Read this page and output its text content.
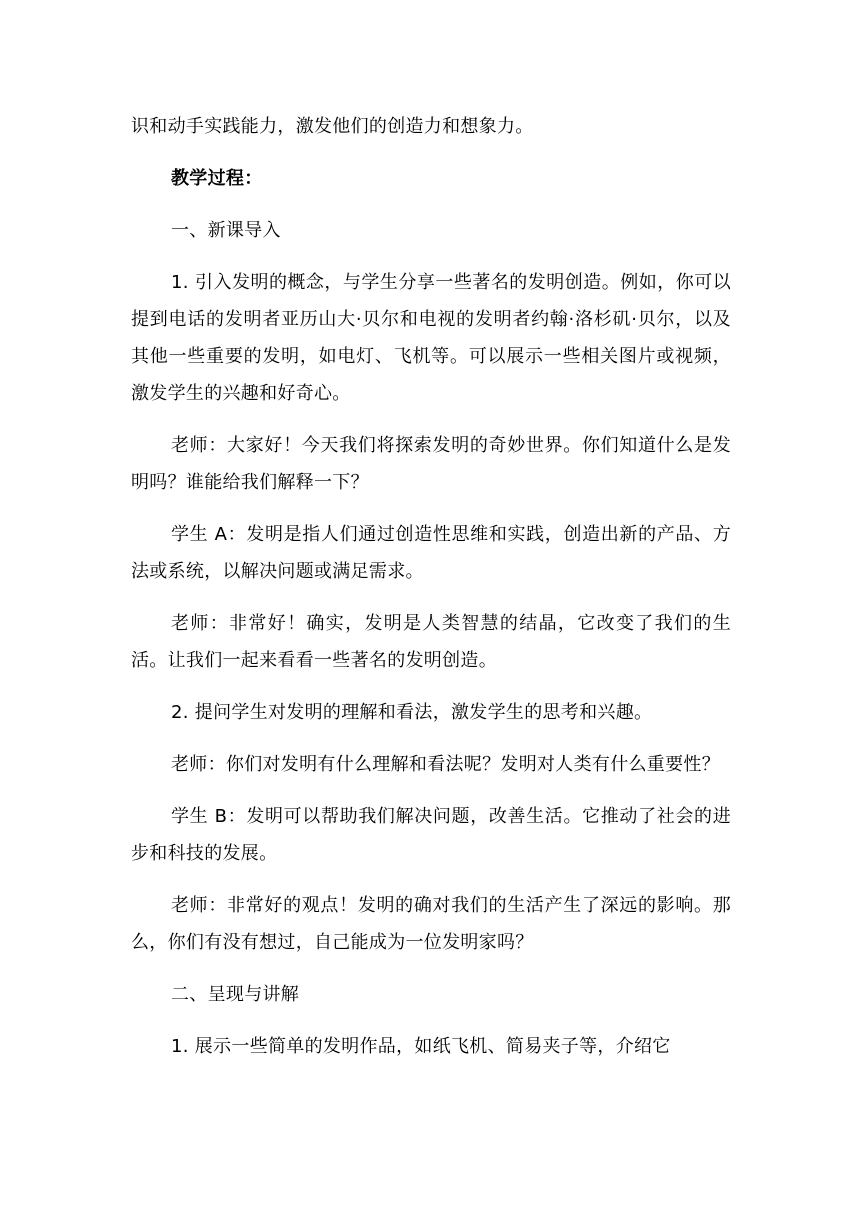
识和动手实践能力，激发他们的创造力和想象力。

教学过程：

一、新课导入

1. 引入发明的概念，与学生分享一些著名的发明创造。例如，你可以提到电话的发明者亚历山大·贝尔和电视的发明者约翰·洛杉矶·贝尔，以及其他一些重要的发明，如电灯、飞机等。可以展示一些相关图片或视频，激发学生的兴趣和好奇心。

老师：大家好！今天我们将探索发明的奇妙世界。你们知道什么是发明吗？谁能给我们解释一下？

学生 A：发明是指人们通过创造性思维和实践，创造出新的产品、方法或系统，以解决问题或满足需求。

老师：非常好！确实，发明是人类智慧的结晶，它改变了我们的生活。让我们一起来看看一些著名的发明创造。

2. 提问学生对发明的理解和看法，激发学生的思考和兴趣。

老师：你们对发明有什么理解和看法呢？发明对人类有什么重要性？

学生 B：发明可以帮助我们解决问题，改善生活。它推动了社会的进步和科技的发展。

老师：非常好的观点！发明的确对我们的生活产生了深远的影响。那么，你们有没有想过，自己能成为一位发明家吗？

二、呈现与讲解

1. 展示一些简单的发明作品，如纸飞机、简易夹子等，介绍它
